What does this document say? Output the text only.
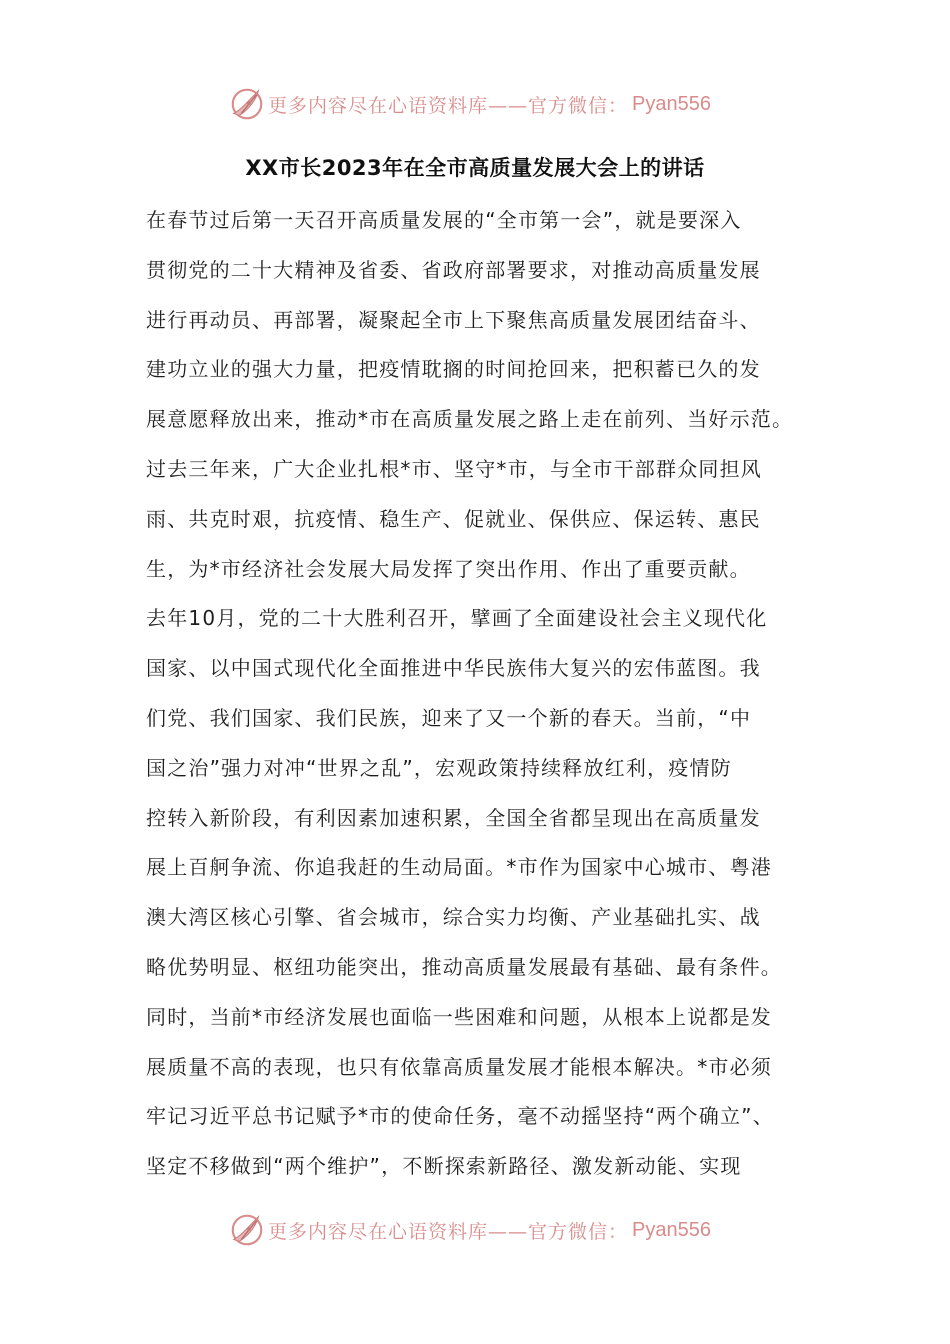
更多内容尽在心语资料库——官方微信： Pyan556
XX市长2023年在全市高质量发展大会上的讲话
在春节过后第一天召开高质量发展的“全市第一会”，就是要深入
贯彻党的二十大精神及省委、省政府部署要求，对推动高质量发展
进行再动员、再部署，凝聚起全市上下聚焦高质量发展团结奋斗、
建功立业的强大力量，把疫情耽搁的时间抢回来，把积蓄已久的发
展意愿释放出来，推动*市在高质量发展之路上走在前列、当好示范。
过去三年来，广大企业扎根*市、坚守*市，与全市干部群众同担风
雨、共克时艰，抗疫情、稳生产、促就业、保供应、保运转、惠民
生，为*市经济社会发展大局发挥了突出作用、作出了重要贡献。
去年10月，党的二十大胜利召开，擘画了全面建设社会主义现代化
国家、以中国式现代化全面推进中华民族伟大复兴的宏伟蓝图。我
们党、我们国家、我们民族，迎来了又一个新的春天。当前，“中
国之治”强力对冲“世界之乱”，宏观政策持续释放红利，疫情防
控转入新阶段，有利因素加速积累，全国全省都呈现出在高质量发
展上百舸争流、你追我赶的生动局面。*市作为国家中心城市、粤港
澳大湾区核心引擎、省会城市，综合实力均衡、产业基础扎实、战
略优势明显、枢纽功能突出，推动高质量发展最有基础、最有条件。
同时，当前*市经济发展也面临一些困难和问题，从根本上说都是发
展质量不高的表现，也只有依靠高质量发展才能根本解决。*市必须
牢记习近平总书记赋予*市的使命任务，毫不动摇坚持“两个确立”、
坚定不移做到“两个维护”，不断探索新路径、激发新动能、实现
更多内容尽在心语资料库——官方微信： Pyan556
